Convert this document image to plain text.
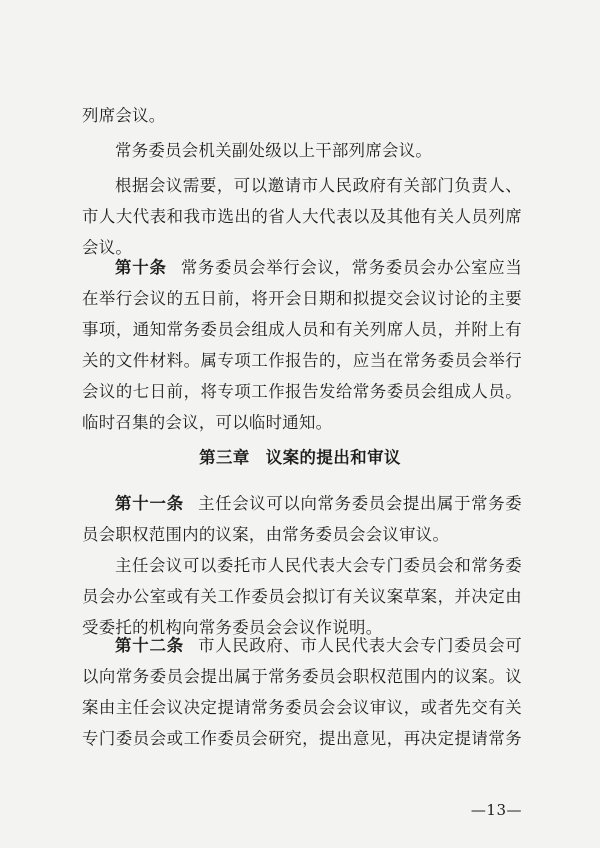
列席会议。
常务委员会机关副处级以上干部列席会议。
根据会议需要，可以邀请市人民政府有关部门负责人、
市人大代表和我市选出的省人大代表以及其他有关人员列席
会议。
第十条 常务委员会举行会议，常务委员会办公室应当
在举行会议的五日前，将开会日期和拟提交会议讨论的主要
事项，通知常务委员会组成人员和有关列席人员，并附上有
关的文件材料。属专项工作报告的，应当在常务委员会举行
会议的七日前，将专项工作报告发给常务委员会组成人员。
临时召集的会议，可以临时通知。
第三章 议案的提出和审议
第十一条 主任会议可以向常务委员会提出属于常务委
员会职权范围内的议案，由常务委员会会议审议。
主任会议可以委托市人民代表大会专门委员会和常务委
员会办公室或有关工作委员会拟订有关议案草案，并决定由
受委托的机构向常务委员会会议作说明。
第十二条 市人民政府、市人民代表大会专门委员会可
以向常务委员会提出属于常务委员会职权范围内的议案。议
案由主任会议决定提请常务委员会会议审议，或者先交有关
专门委员会或工作委员会研究，提出意见，再决定提请常务
—13—
